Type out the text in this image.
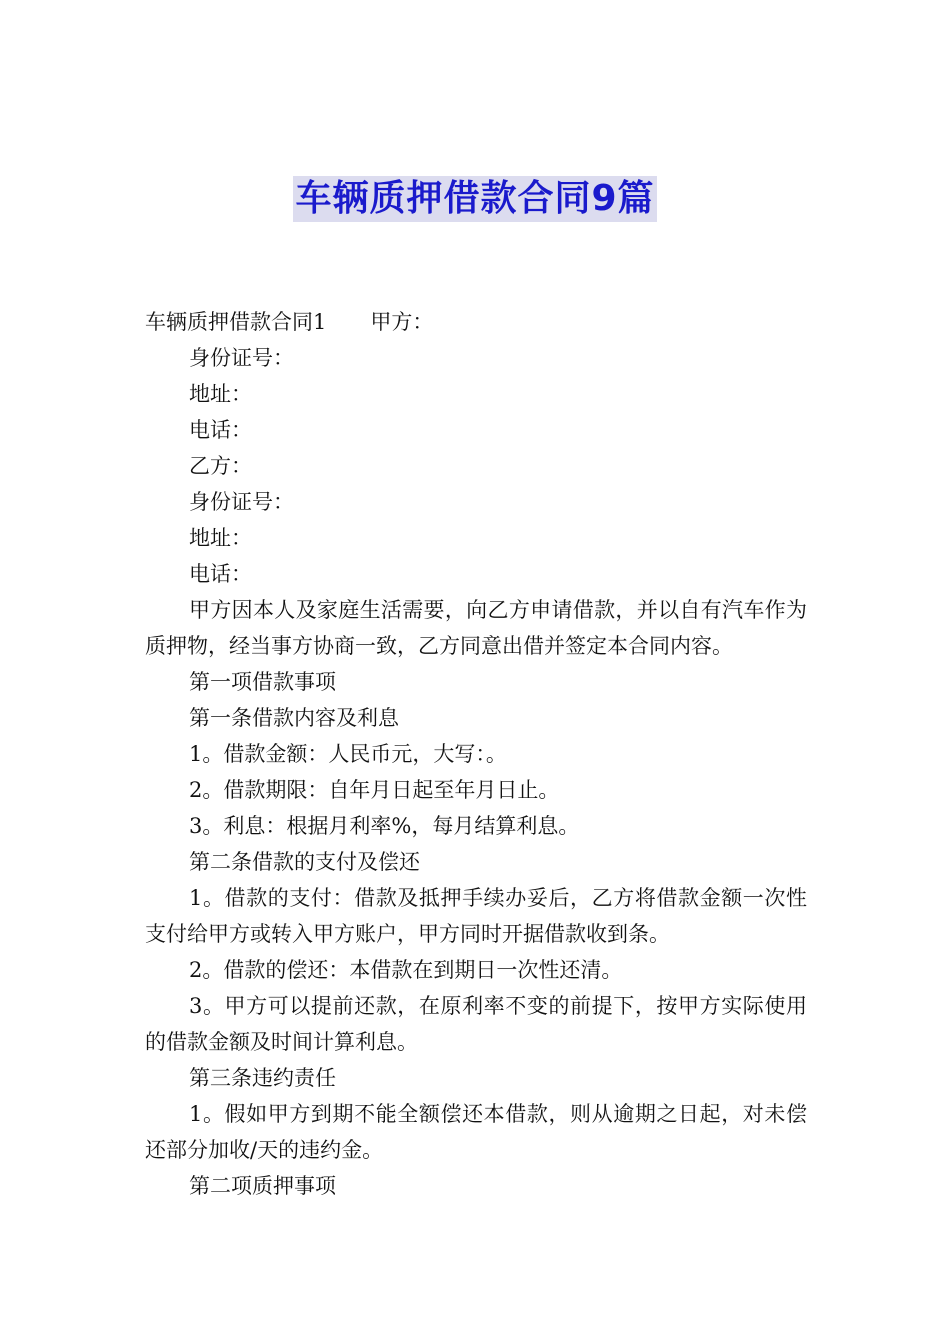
车辆质押借款合同9篇

车辆质押借款合同1 甲方：

身份证号：

地址：

电话：

乙方：

身份证号：

地址：

电话：

甲方因本人及家庭生活需要，向乙方申请借款，并以自有汽车作为质押物，经当事方协商一致，乙方同意出借并签定本合同内容。

第一项借款事项

第一条借款内容及利息

1。借款金额：人民币元，大写：。

2。借款期限：自年月日起至年月日止。

3。利息：根据月利率%，每月结算利息。

第二条借款的支付及偿还

1。借款的支付：借款及抵押手续办妥后，乙方将借款金额一次性支付给甲方或转入甲方账户，甲方同时开据借款收到条。

2。借款的偿还：本借款在到期日一次性还清。

3。甲方可以提前还款，在原利率不变的前提下，按甲方实际使用的借款金额及时间计算利息。

第三条违约责任

1。假如甲方到期不能全额偿还本借款，则从逾期之日起，对未偿还部分加收/天的违约金。

第二项质押事项
